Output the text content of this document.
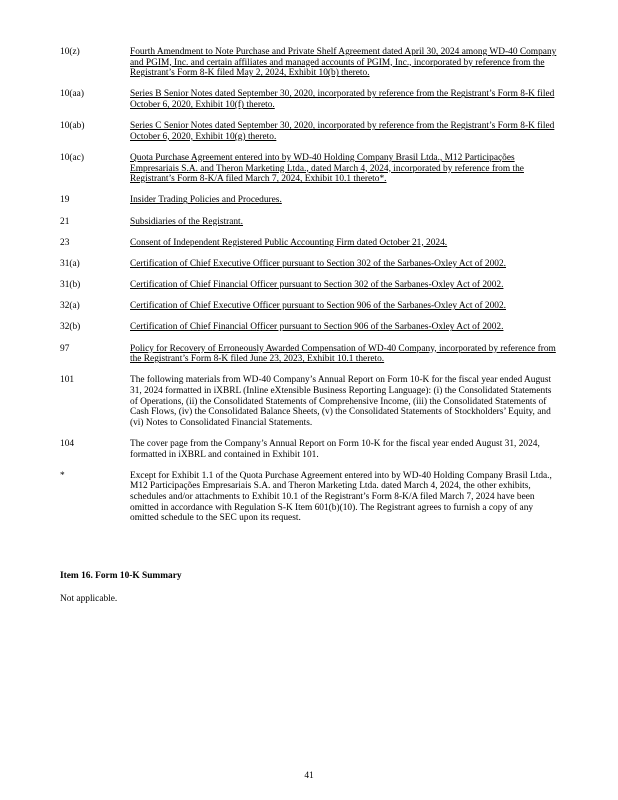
10(z)	Fourth Amendment to Note Purchase and Private Shelf Agreement dated April 30, 2024 among WD-40 Company and PGIM, Inc. and certain affiliates and managed accounts of PGIM, Inc., incorporated by reference from the Registrant’s Form 8-K filed May 2, 2024, Exhibit 10(b) thereto.
10(aa)	Series B Senior Notes dated September 30, 2020, incorporated by reference from the Registrant’s Form 8-K filed October 6, 2020, Exhibit 10(f) thereto.
10(ab)	Series C Senior Notes dated September 30, 2020, incorporated by reference from the Registrant’s Form 8-K filed October 6, 2020, Exhibit 10(g) thereto.
10(ac)	Quota Purchase Agreement entered into by WD-40 Holding Company Brasil Ltda., M12 Participações Empresariais S.A. and Theron Marketing Ltda., dated March 4, 2024, incorporated by reference from the Registrant’s Form 8-K/A filed March 7, 2024, Exhibit 10.1 thereto*.
19	Insider Trading Policies and Procedures.
21	Subsidiaries of the Registrant.
23	Consent of Independent Registered Public Accounting Firm dated October 21, 2024.
31(a)	Certification of Chief Executive Officer pursuant to Section 302 of the Sarbanes-Oxley Act of 2002.
31(b)	Certification of Chief Financial Officer pursuant to Section 302 of the Sarbanes-Oxley Act of 2002.
32(a)	Certification of Chief Executive Officer pursuant to Section 906 of the Sarbanes-Oxley Act of 2002.
32(b)	Certification of Chief Financial Officer pursuant to Section 906 of the Sarbanes-Oxley Act of 2002.
97	Policy for Recovery of Erroneously Awarded Compensation of WD-40 Company, incorporated by reference from the Registrant’s Form 8-K filed June 23, 2023, Exhibit 10.1 thereto.
101	The following materials from WD-40 Company’s Annual Report on Form 10-K for the fiscal year ended August 31, 2024 formatted in iXBRL (Inline eXtensible Business Reporting Language): (i) the Consolidated Statements of Operations, (ii) the Consolidated Statements of Comprehensive Income, (iii) the Consolidated Statements of Cash Flows, (iv) the Consolidated Balance Sheets, (v) the Consolidated Statements of Stockholders’ Equity, and (vi) Notes to Consolidated Financial Statements.
104	The cover page from the Company’s Annual Report on Form 10-K for the fiscal year ended August 31, 2024, formatted in iXBRL and contained in Exhibit 101.
*	Except for Exhibit 1.1 of the Quota Purchase Agreement entered into by WD-40 Holding Company Brasil Ltda., M12 Participações Empresariais S.A. and Theron Marketing Ltda. dated March 4, 2024, the other exhibits, schedules and/or attachments to Exhibit 10.1 of the Registrant’s Form 8-K/A filed March 7, 2024 have been omitted in accordance with Regulation S-K Item 601(b)(10). The Registrant agrees to furnish a copy of any omitted schedule to the SEC upon its request.
Item 16. Form 10-K Summary
Not applicable.
41
